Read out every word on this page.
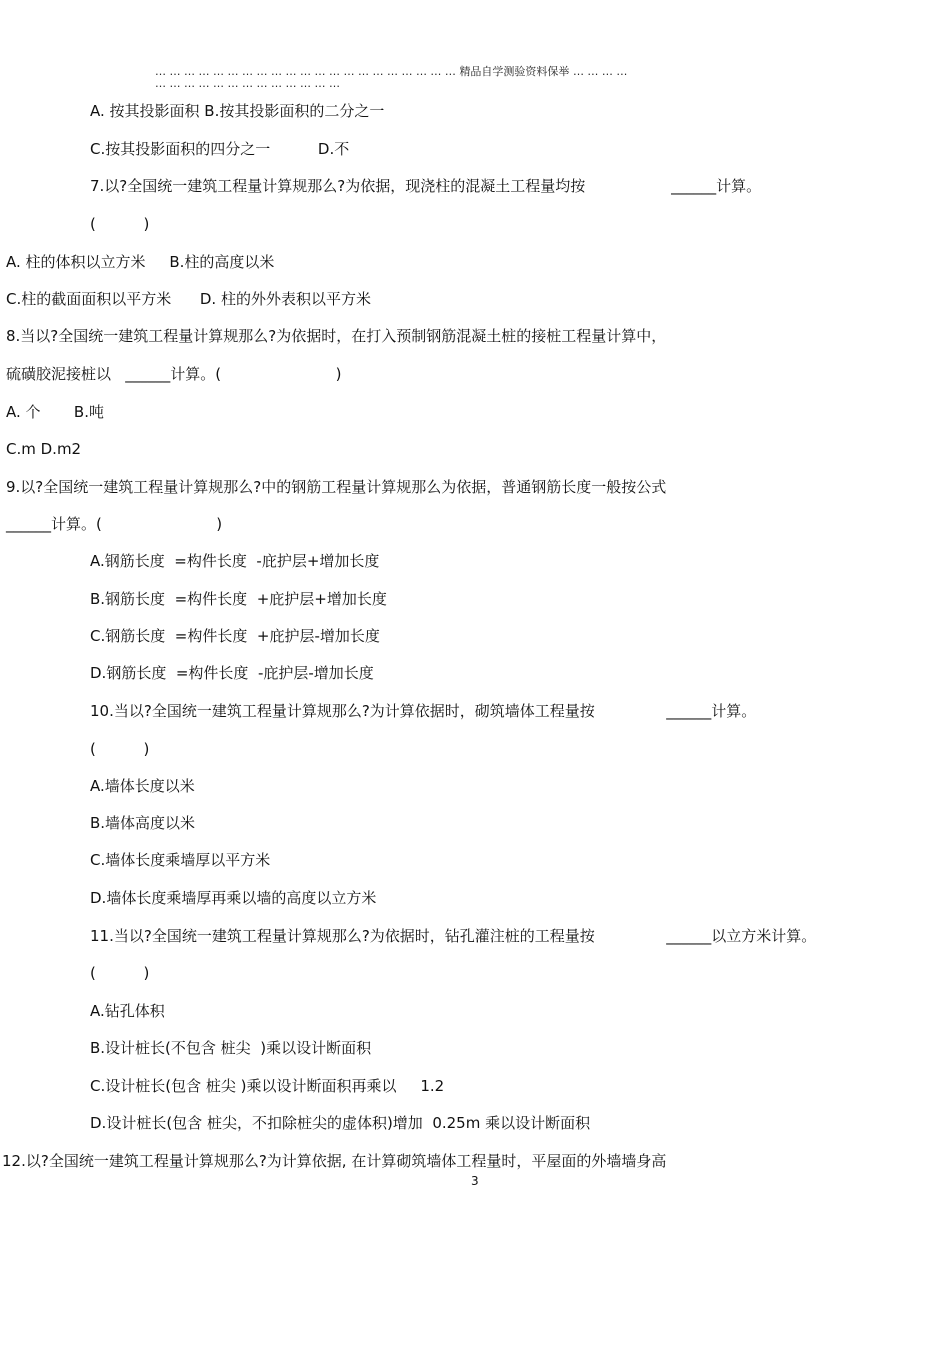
… … … … … … … … … … … … … … … … … … … … … 精品自学测验资料保举 … … … …
… … … … … … … … … … … … …
A. 按其投影面积 B.按其投影面积的二分之一
C.按其投影面积的四分之一          D.不
7.以?全国统一建筑工程量计算规那么?为依据，现浇柱的混凝土工程量均按                  ______计算。
(          )
A. 柱的体积以立方米     B.柱的高度以米
C.柱的截面面积以平方米      D. 柱的外外表积以平方米
8.当以?全国统一建筑工程量计算规那么?为依据时，在打入预制钢筋混凝土桩的接桩工程量计算中，
硫磺胶泥接桩以   ______计算。(                        )
A. 个       B.吨
C.m D.m2
9.以?全国统一建筑工程量计算规那么?中的钢筋工程量计算规那么为依据，普通钢筋长度一般按公式
______计算。(                        )
A.钢筋长度  =构件长度  -庇护层+增加长度
B.钢筋长度  =构件长度  +庇护层+增加长度
C.钢筋长度  =构件长度  +庇护层-增加长度
D.钢筋长度  =构件长度  -庇护层-增加长度
10.当以?全国统一建筑工程量计算规那么?为计算依据时，砌筑墙体工程量按               ______计算。
(          )
A.墙体长度以米
B.墙体高度以米
C.墙体长度乘墙厚以平方米
D.墙体长度乘墙厚再乘以墙的高度以立方米
11.当以?全国统一建筑工程量计算规那么?为依据时，钻孔灌注桩的工程量按               ______以立方米计算。
(          )
A.钻孔体积
B.设计桩长(不包含 桩尖  )乘以设计断面积
C.设计桩长(包含 桩尖 )乘以设计断面积再乘以     1.2
D.设计桩长(包含 桩尖，不扣除桩尖的虚体积)增加  0.25m 乘以设计断面积
12.以?全国统一建筑工程量计算规那么?为计算依据, 在计算砌筑墙体工程量时，平屋面的外墙墙身高
3
